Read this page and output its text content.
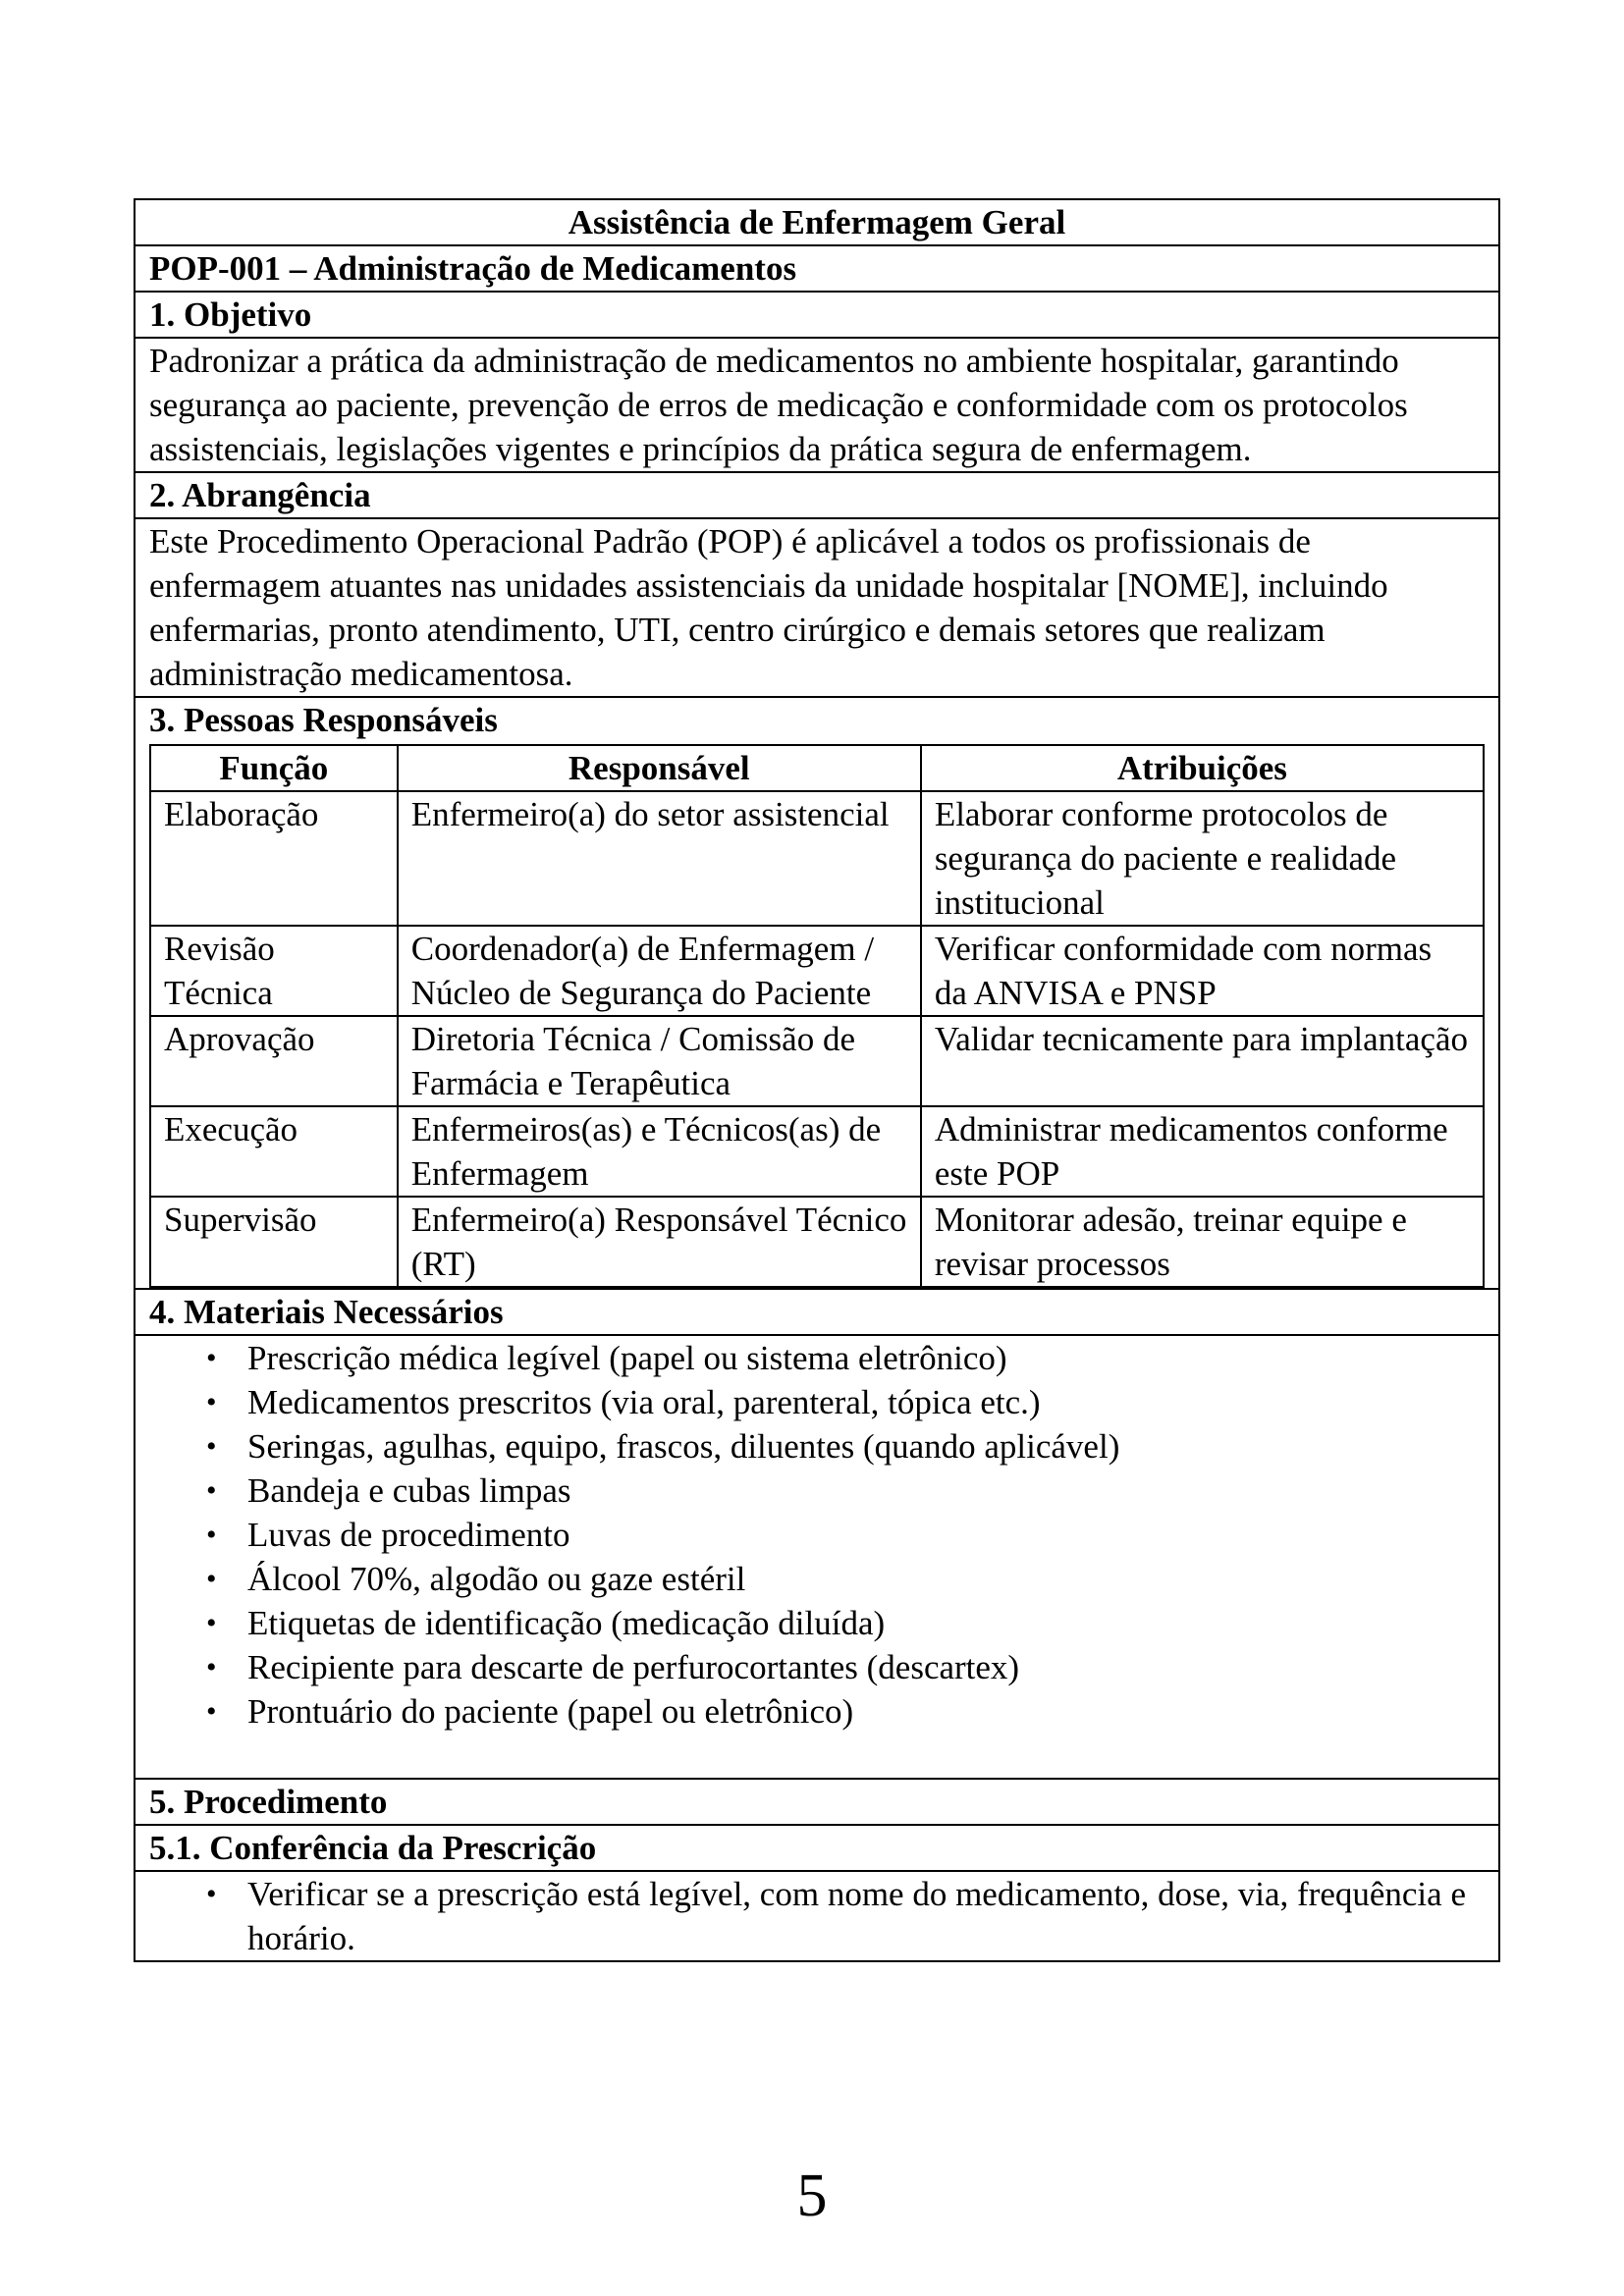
Assistência de Enfermagem Geral
POP-001 – Administração de Medicamentos
1. Objetivo
Padronizar a prática da administração de medicamentos no ambiente hospitalar, garantindo segurança ao paciente, prevenção de erros de medicação e conformidade com os protocolos assistenciais, legislações vigentes e princípios da prática segura de enfermagem.
2. Abrangência
Este Procedimento Operacional Padrão (POP) é aplicável a todos os profissionais de enfermagem atuantes nas unidades assistenciais da unidade hospitalar [NOME], incluindo enfermarias, pronto atendimento, UTI, centro cirúrgico e demais setores que realizam administração medicamentosa.

3. Pessoas Responsáveis
Função	Responsável	Atribuições
Elaboração	Enfermeiro(a) do setor assistencial	Elaborar conforme protocolos de segurança do paciente e realidade institucional
Revisão Técnica	Coordenador(a) de Enfermagem / Núcleo de Segurança do Paciente	Verificar conformidade com normas da ANVISA e PNSP
Aprovação	Diretoria Técnica / Comissão de Farmácia e Terapêutica	Validar tecnicamente para implantação
Execução	Enfermeiros(as) e Técnicos(as) de Enfermagem	Administrar medicamentos conforme este POP
Supervisão	Enfermeiro(a) Responsável Técnico (RT)	Monitorar adesão, treinar equipe e revisar processos

4. Materiais Necessários

• Prescrição médica legível (papel ou sistema eletrônico)
• Medicamentos prescritos (via oral, parenteral, tópica etc.)
• Seringas, agulhas, equipo, frascos, diluentes (quando aplicável)
• Bandeja e cubas limpas
• Luvas de procedimento
• Álcool 70%, algodão ou gaze estéril
• Etiquetas de identificação (medicação diluída)
• Recipiente para descarte de perfurocortantes (descartex)
• Prontuário do paciente (papel ou eletrônico)

5. Procedimento
5.1. Conferência da Prescrição

• Verificar se a prescrição está legível, com nome do medicamento, dose, via, frequência e horário.
5
